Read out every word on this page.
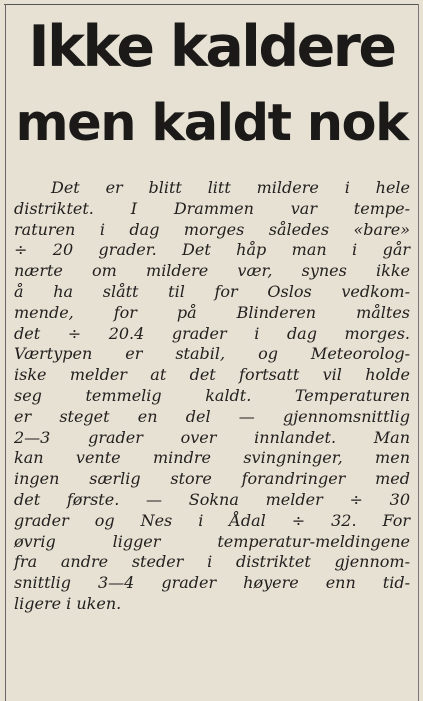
Ikke kaldere
men kaldt nok
Det er blitt litt mildere i hele
distriktet. I Drammen var tempe-
raturen i dag morges således «bare»
÷ 20 grader. Det håp man i går
nærte om mildere vær, synes ikke
å ha slått til for Oslos vedkom-
mende, for på Blinderen måltes
det ÷ 20.4 grader i dag morges.
Værtypen er stabil, og Meteorolog-
iske melder at det fortsatt vil holde
seg temmelig kaldt. Temperaturen
er steget en del — gjennomsnittlig
2—3 grader over innlandet. Man
kan vente mindre svingninger, men
ingen særlig store forandringer med
det første. — Sokna melder ÷ 30
grader og Nes i Ådal ÷ 32. For
øvrig ligger temperatur-meldingene
fra andre steder i distriktet gjennom-
snittlig 3—4 grader høyere enn tid-
ligere i uken.
